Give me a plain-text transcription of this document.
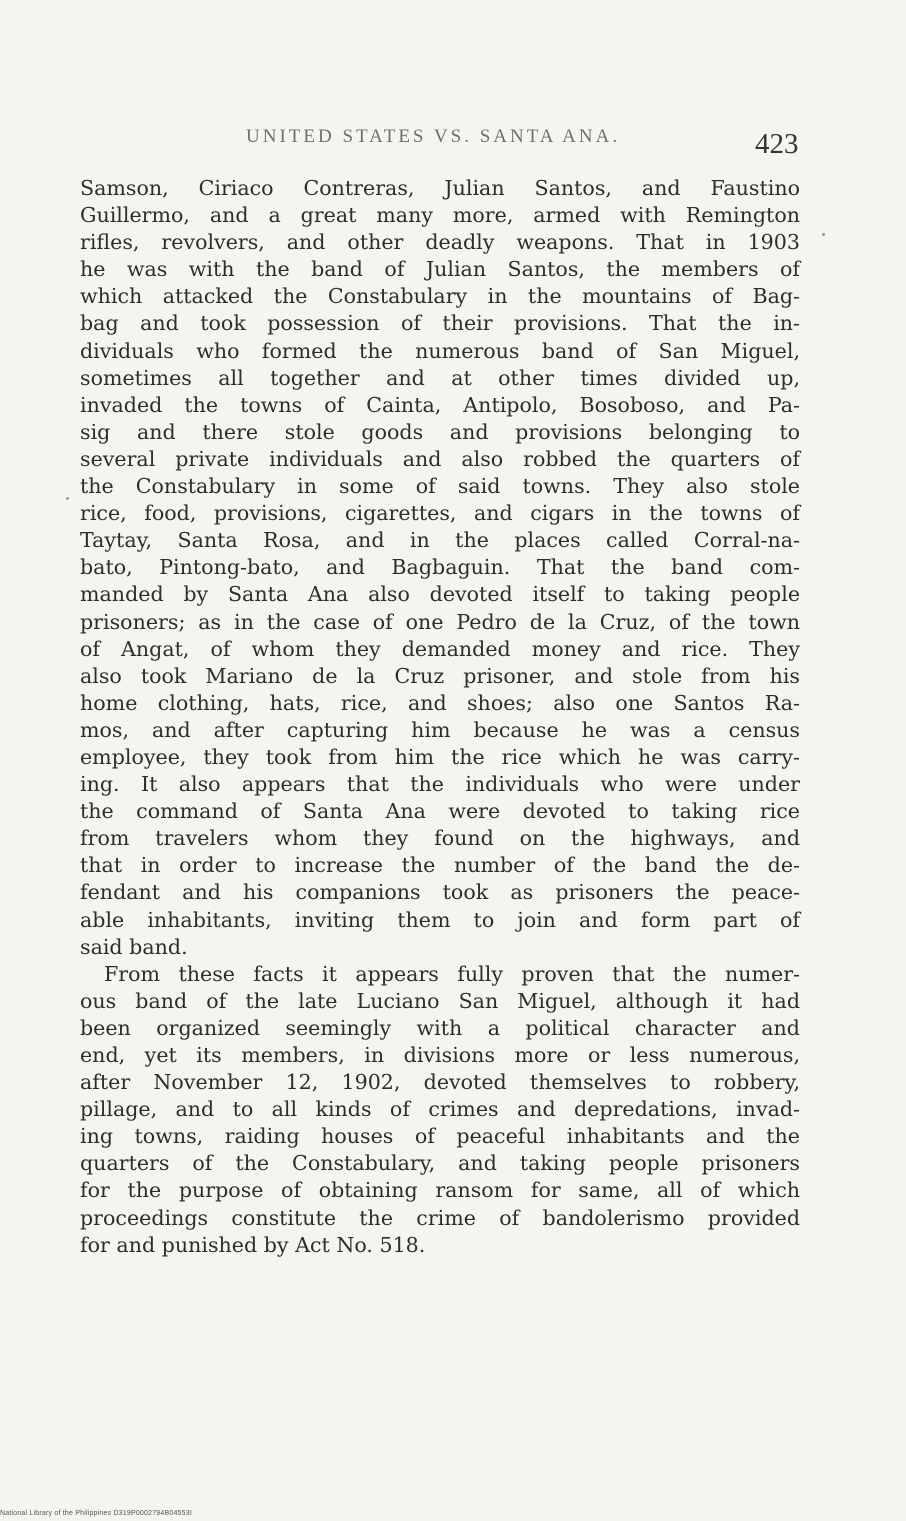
UNITED STATES VS. SANTA ANA.	423
Samson, Ciriaco Contreras, Julian Santos, and Faustino
Guillermo, and a great many more, armed with Remington
rifles, revolvers, and other deadly weapons. That in 1903
he was with the band of Julian Santos, the members of
which attacked the Constabulary in the mountains of Bag-
bag and took possession of their provisions. That the in-
dividuals who formed the numerous band of San Miguel,
sometimes all together and at other times divided up,
invaded the towns of Cainta, Antipolo, Bosoboso, and Pa-
sig and there stole goods and provisions belonging to
several private individuals and also robbed the quarters of
the Constabulary in some of said towns. They also stole
rice, food, provisions, cigarettes, and cigars in the towns of
Taytay, Santa Rosa, and in the places called Corral-na-
bato, Pintong-bato, and Bagbaguin. That the band com-
manded by Santa Ana also devoted itself to taking people
prisoners; as in the case of one Pedro de la Cruz, of the town
of Angat, of whom they demanded money and rice. They
also took Mariano de la Cruz prisoner, and stole from his
home clothing, hats, rice, and shoes; also one Santos Ra-
mos, and after capturing him because he was a census
employee, they took from him the rice which he was carry-
ing. It also appears that the individuals who were under
the command of Santa Ana were devoted to taking rice
from travelers whom they found on the highways, and
that in order to increase the number of the band the de-
fendant and his companions took as prisoners the peace-
able inhabitants, inviting them to join and form part of
said band.
From these facts it appears fully proven that the numer-
ous band of the late Luciano San Miguel, although it had
been organized seemingly with a political character and
end, yet its members, in divisions more or less numerous,
after November 12, 1902, devoted themselves to robbery,
pillage, and to all kinds of crimes and depredations, invad-
ing towns, raiding houses of peaceful inhabitants and the
quarters of the Constabulary, and taking people prisoners
for the purpose of obtaining ransom for same, all of which
proceedings constitute the crime of bandolerismo provided
for and punished by Act No. 518.
National Library of the Philippines D319P0002794B04553I
